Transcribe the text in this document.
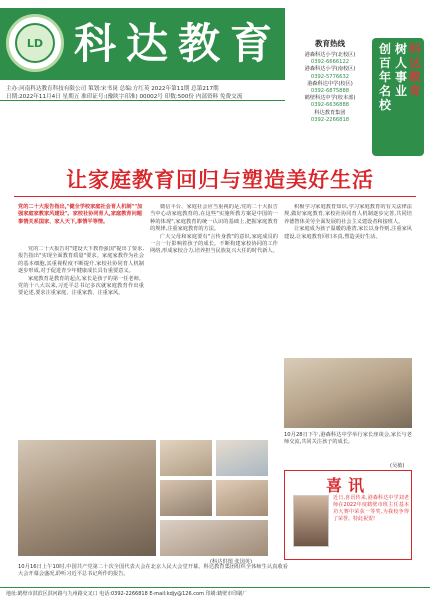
LD 科达教育
主办:河南科达教育科技有限公司 策划:宋书岗 总编:方红英 2022年第11期 总第217期
日期:2022年11月4日 星期五 准印证号:(豫陕字印准) 00002号 印数:500份 内部资料 免费交流
教育热线
港森科达小学(北校区)
0392-6666122
港森科达小学(南校区)
0392-5776632
港森科达中学(校区)
0392-6875888
鹤壁科达中学(校本部)
0392-6636888
科达教育集团
0392-2266818
创百年名校
树人事业
科达教育
让家庭教育回归与塑造美好生活
党的二十大报告指出,"健全学校家庭社会育人机制""加强家庭家教家风建设"。家校社协同育人,家庭教育问题事情关系国家、家人天下,事情平等情。

党的二十大报告对"建设天下教育强国"提出了要求,报告指出"实现全面教育质量"要求。家庭家教作为社会的基本细胞,其重视程度不断提升,家校社协同育人机制逐步形成,对于促进青少年健康成长具有重要意义。

家庭教育是教育的起点,家长是孩子的第一任老师。党的十八大以来,习近平总书记多次就家庭教育作出重要论述,要求注重家庭、注重家教、注重家风。

微信平台、家庭社会应当重视的是,党的二十大报告当中心动家庭教育的,在这些"实施所教方案是中国的一种的体现",家庭教育的统一认识的基础上,把握家庭教育的规律,注重家庭教育的方法。

广大父母和家庭要有"言传身教"的意识,家庭成员的一言一行影响着孩子的成长。不断构建家校协同的工作网络,形成家校合力,培养担当民族复兴大任的时代新人。

积极学习家庭教育知识,学习家庭教育的有关法律法规,做好家庭教育,家校社协同育人机制逐步完善,共同培养德智体美劳全面发展的社会主义建设者和接班人。

让家庭成为孩子温暖的港湾,家长以身作则,注重家风建设,让家庭教育回归本真,塑造美好生活。

(科达供图 张国英)
10月28日下午,港森科达中学举行家长座谈会,家长与老师交流,共同关注孩子的成长。
(吴敏)
喜讯
近日,喜讯传来,港森科达中学刘老师在2022年度鹤壁市班主任基本功大赛中荣获一等奖,为我校争得了荣誉。特此祝贺!
10月16日上午10时,中国共产党第二十次全国代表大会在北京人民大会堂开幕。科达教育集团组织全体师生认真收看大会开幕会盛况,聆听习近平总书记所作的报告。
地址:鹤壁市淇滨区淇河路与九州路交叉口 电话:0392-2266818 E-mail:kdjy@126.com 印刷:鹤壁市印刷厂
